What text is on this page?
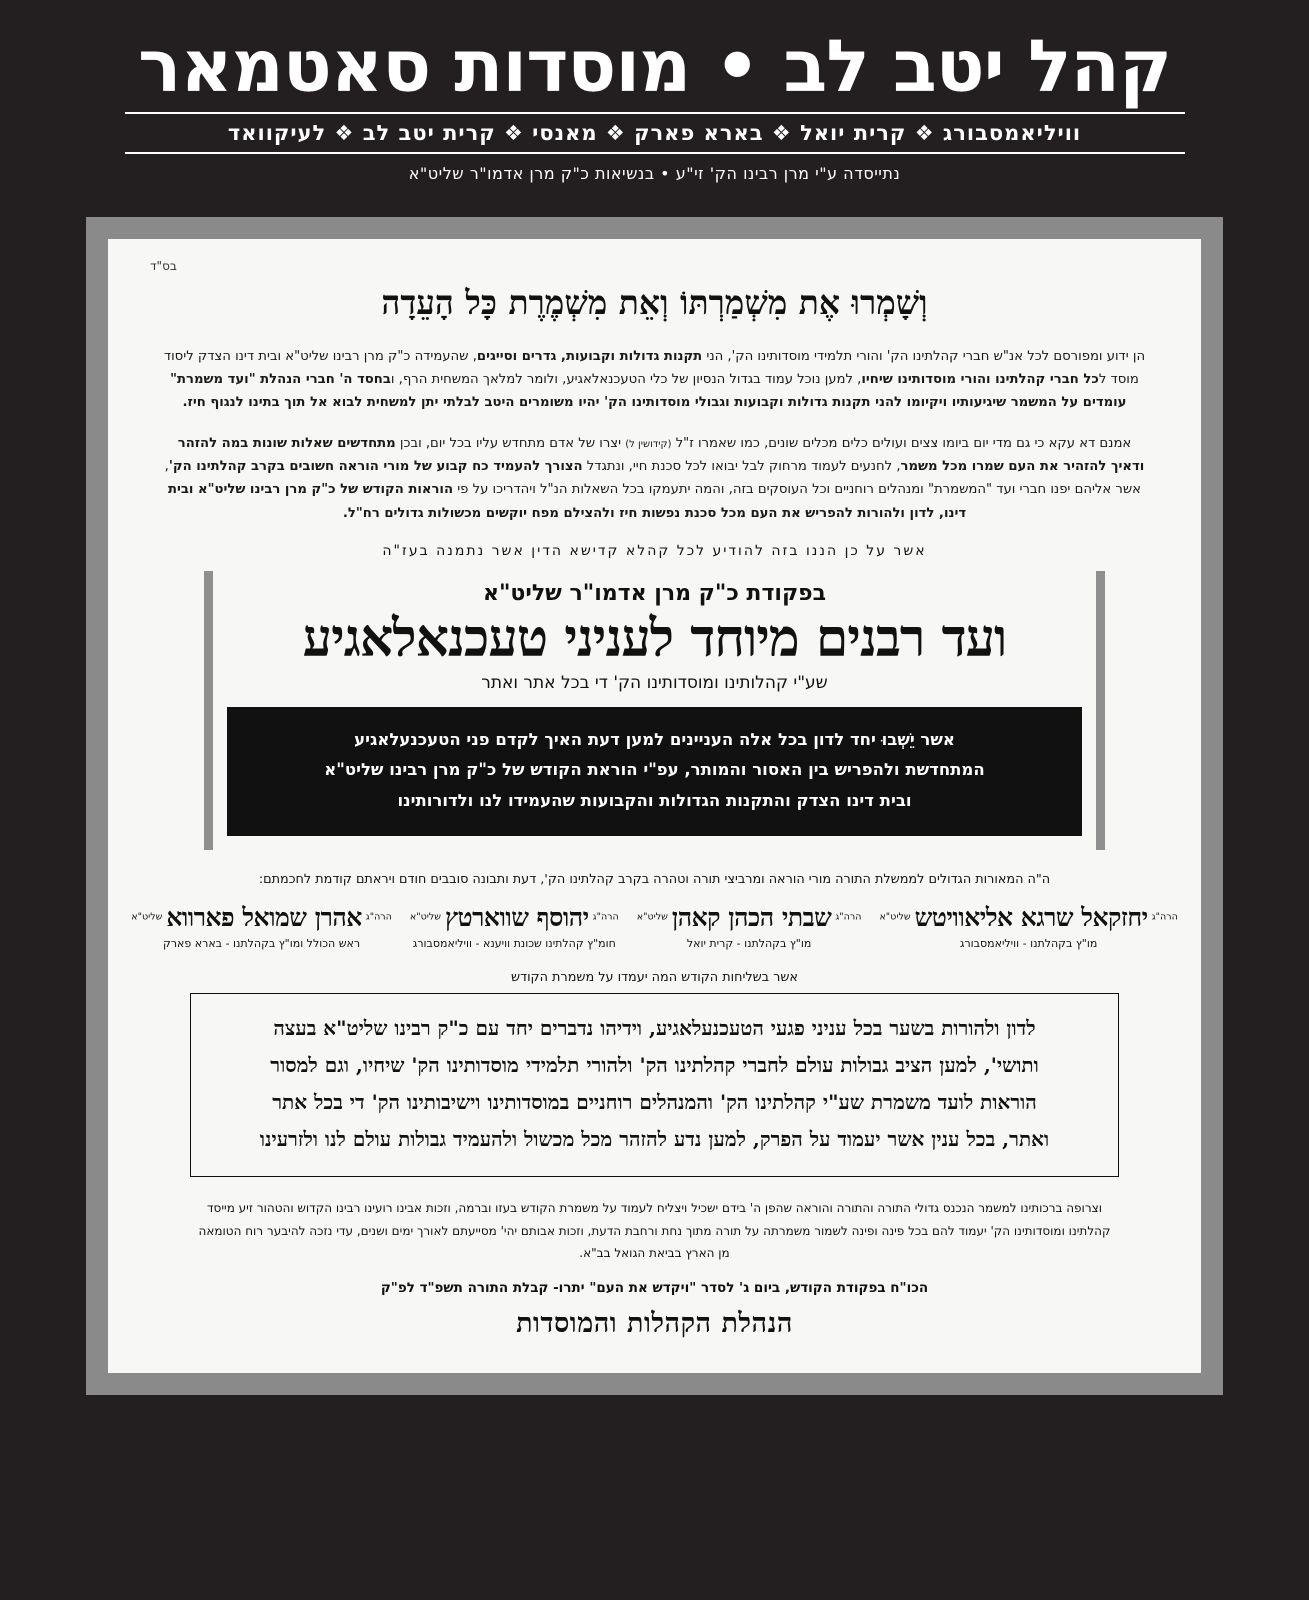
קהל יטב לב • מוסדות סאטמאר
וויליאמסבורג ❖ קרית יואל ❖ בארא פארק ❖ מאנסי ❖ קרית יטב לב ❖ לעיקוואד
נתייסדה ע"י מרן רבינו הק' זי"ע • בנשיאות כ"ק מרן אדמו"ר שליט"א
בס"ד
וְשָׁמְרוּ אֶת מִשְׁמַרְתּוֹ וְאֵת מִשְׁמֶרֶת כָּל הָעֵדָה
הן ידוע ומפורסם לכל אנ"ש חברי קהלתינו הק' והורי תלמידי מוסדותינו הק', הני תקנות גדולות וקבועות, גדרים וסייגים, שהעמידה כ"ק מרן רבינו שליט"א ובית דינו הצדק ליסוד מוסד לכל חברי קהלתינו והורי מוסדותינו שיחיו, למען נוכל עמוד בגדול הנסיון של כלי הטעכנאלאגיע, ולומר למלאך המשחית הרף, ובחסד ה' חברי הנהלת "ועד משמרת" עומדים על המשמר שיגיעותיו ויקיומו להני תקנות גדולות וקבועות וגבולי מוסדותינו הק' יהיו משומרים היטב לבלתי יתן למשחית לבוא אל תוך בתינו לנגוף חיז.
אמנם דא עקא כי גם מדי יום ביומו צצים ועולים כלים מכלים שונים, כמו שאמרו ז"ל (קידושין ל) יצרו של אדם מתחדש עליו בכל יום, ובכן מתחדשים שאלות שונות במה להזהר ודאיך להזהיר את העם שמרו מכל משמר, לחנעים לעמוד מרחוק לבל יבואו לכל סכנת חיי, ונתגדל הצורך להעמיד כח קבוע של מורי הוראה חשובים בקרב קהלתינו הק', אשר אליהם יפנו חברי ועד "המשמרת" ומנהלים רוחניים וכל העוסקים בזה, והמה יתעמקו בכל השאלות הנ"ל ויהדריכו על פי הוראות הקודש של כ"ק מרן רבינו שליט"א ובית דינו, לדון ולהורות להפריש את העם מכל סכנת נפשות חיז ולהצילם מפח יוקשים מכשולות גדולים רח"ל.
אשר על כן הננו בזה להודיע לכל קהלא קדישא הדין אשר נתמנה בעז"ה
בפקודת כ"ק מרן אדמו"ר שליט"א
ועד רבנים מיוחד לעניני טעכנאלאגיע
שע"י קהלותינו ומוסדותינו הק' די בכל אתר ואתר
אשר יֵשְׁבוּ יחד לדון בכל אלה העניינים למען דעת האיך לקדם פני הטעכנעלאגיע
המתחדשת ולהפריש בין האסור והמותר, עפ"י הוראת הקודש של כ"ק מרן רבינו שליט"א
ובית דינו הצדק והתקנות הגדולות והקבועות שהעמידו לנו ולדורותינו
ה"ה המאורות הגדולים לממשלת התורה מורי הוראה ומרביצי תורה וטהרה בקרב קהלתינו הק', דעת ותבונה סובבים חודם ויראתם קודמת לחכמתם:
$^{הרה"ג}$ יחזקאל שרגא אליאוויטש $^{שליט"א}$
מו"ץ בקהלתנו - וויליאמסבורג
$^{הרה"ג}$ שבתי הכהן קאהן $^{שליט"א}$
מו"ץ בקהלתנו - קרית יואל
$^{הרה"ג}$ יהוסף שווארטץ $^{שליט"א}$
חומ"ץ קהלתינו שכונת וויענא - וויליאמסבורג
$^{הרה"ג}$ אהרן שמואל פארווא $^{שליט"א}$
ראש הכולל ומו"ץ בקהלתנו - בארא פארק
אשר בשליחות הקודש המה יעמדו על משמרת הקודש
לדון ולהורות בשער בכל עניני פגעי הטעכנעלאגיע, וידיהו נדברים יחד עם כ"ק רבינו שליט"א בעצה
ותושי', למען הציב גבולות עולם לחברי קהלתינו הק' ולהורי תלמידי מוסדותינו הק' שיחיו, וגם למסור
הוראות לועד משמרת שע"י קהלתינו הק' והמנהלים רוחניים במוסדותינו וישיבותינו הק' די בכל אתר
ואתר, בכל ענין אשר יעמוד על הפרק, למען נדע להזהר מכל מכשול ולהעמיד גבולות עולם לנו ולזרעינו
וצרופה ברכותינו למשמר הנכנס גדולי התורה והתורה והוראה שהפן ה' בידם ישכיל ויצליח לעמוד על משמרת הקודש בעזו וברמה, וזכות אבינו רועינו רבינו הקדוש והטהור זיע מייסד קהלתינו ומוסדותינו הק' יעמוד להם בכל פינה ופינה לשמור משמרתה על תורה מתוך נחת ורחבת הדעת, וזכות אבותם יהי' מסייעתם לאורך ימים ושנים, עדי נזכה להיבער רוח הטומאה מן הארץ בביאת הגואל בב"א.
הכו"ח בפקודת הקודש, ביום ג' לסדר "ויקדש את העם" יתרו- קבלת התורה תשפ"ד לפ"ק
הנהלת הקהלות והמוסדות
